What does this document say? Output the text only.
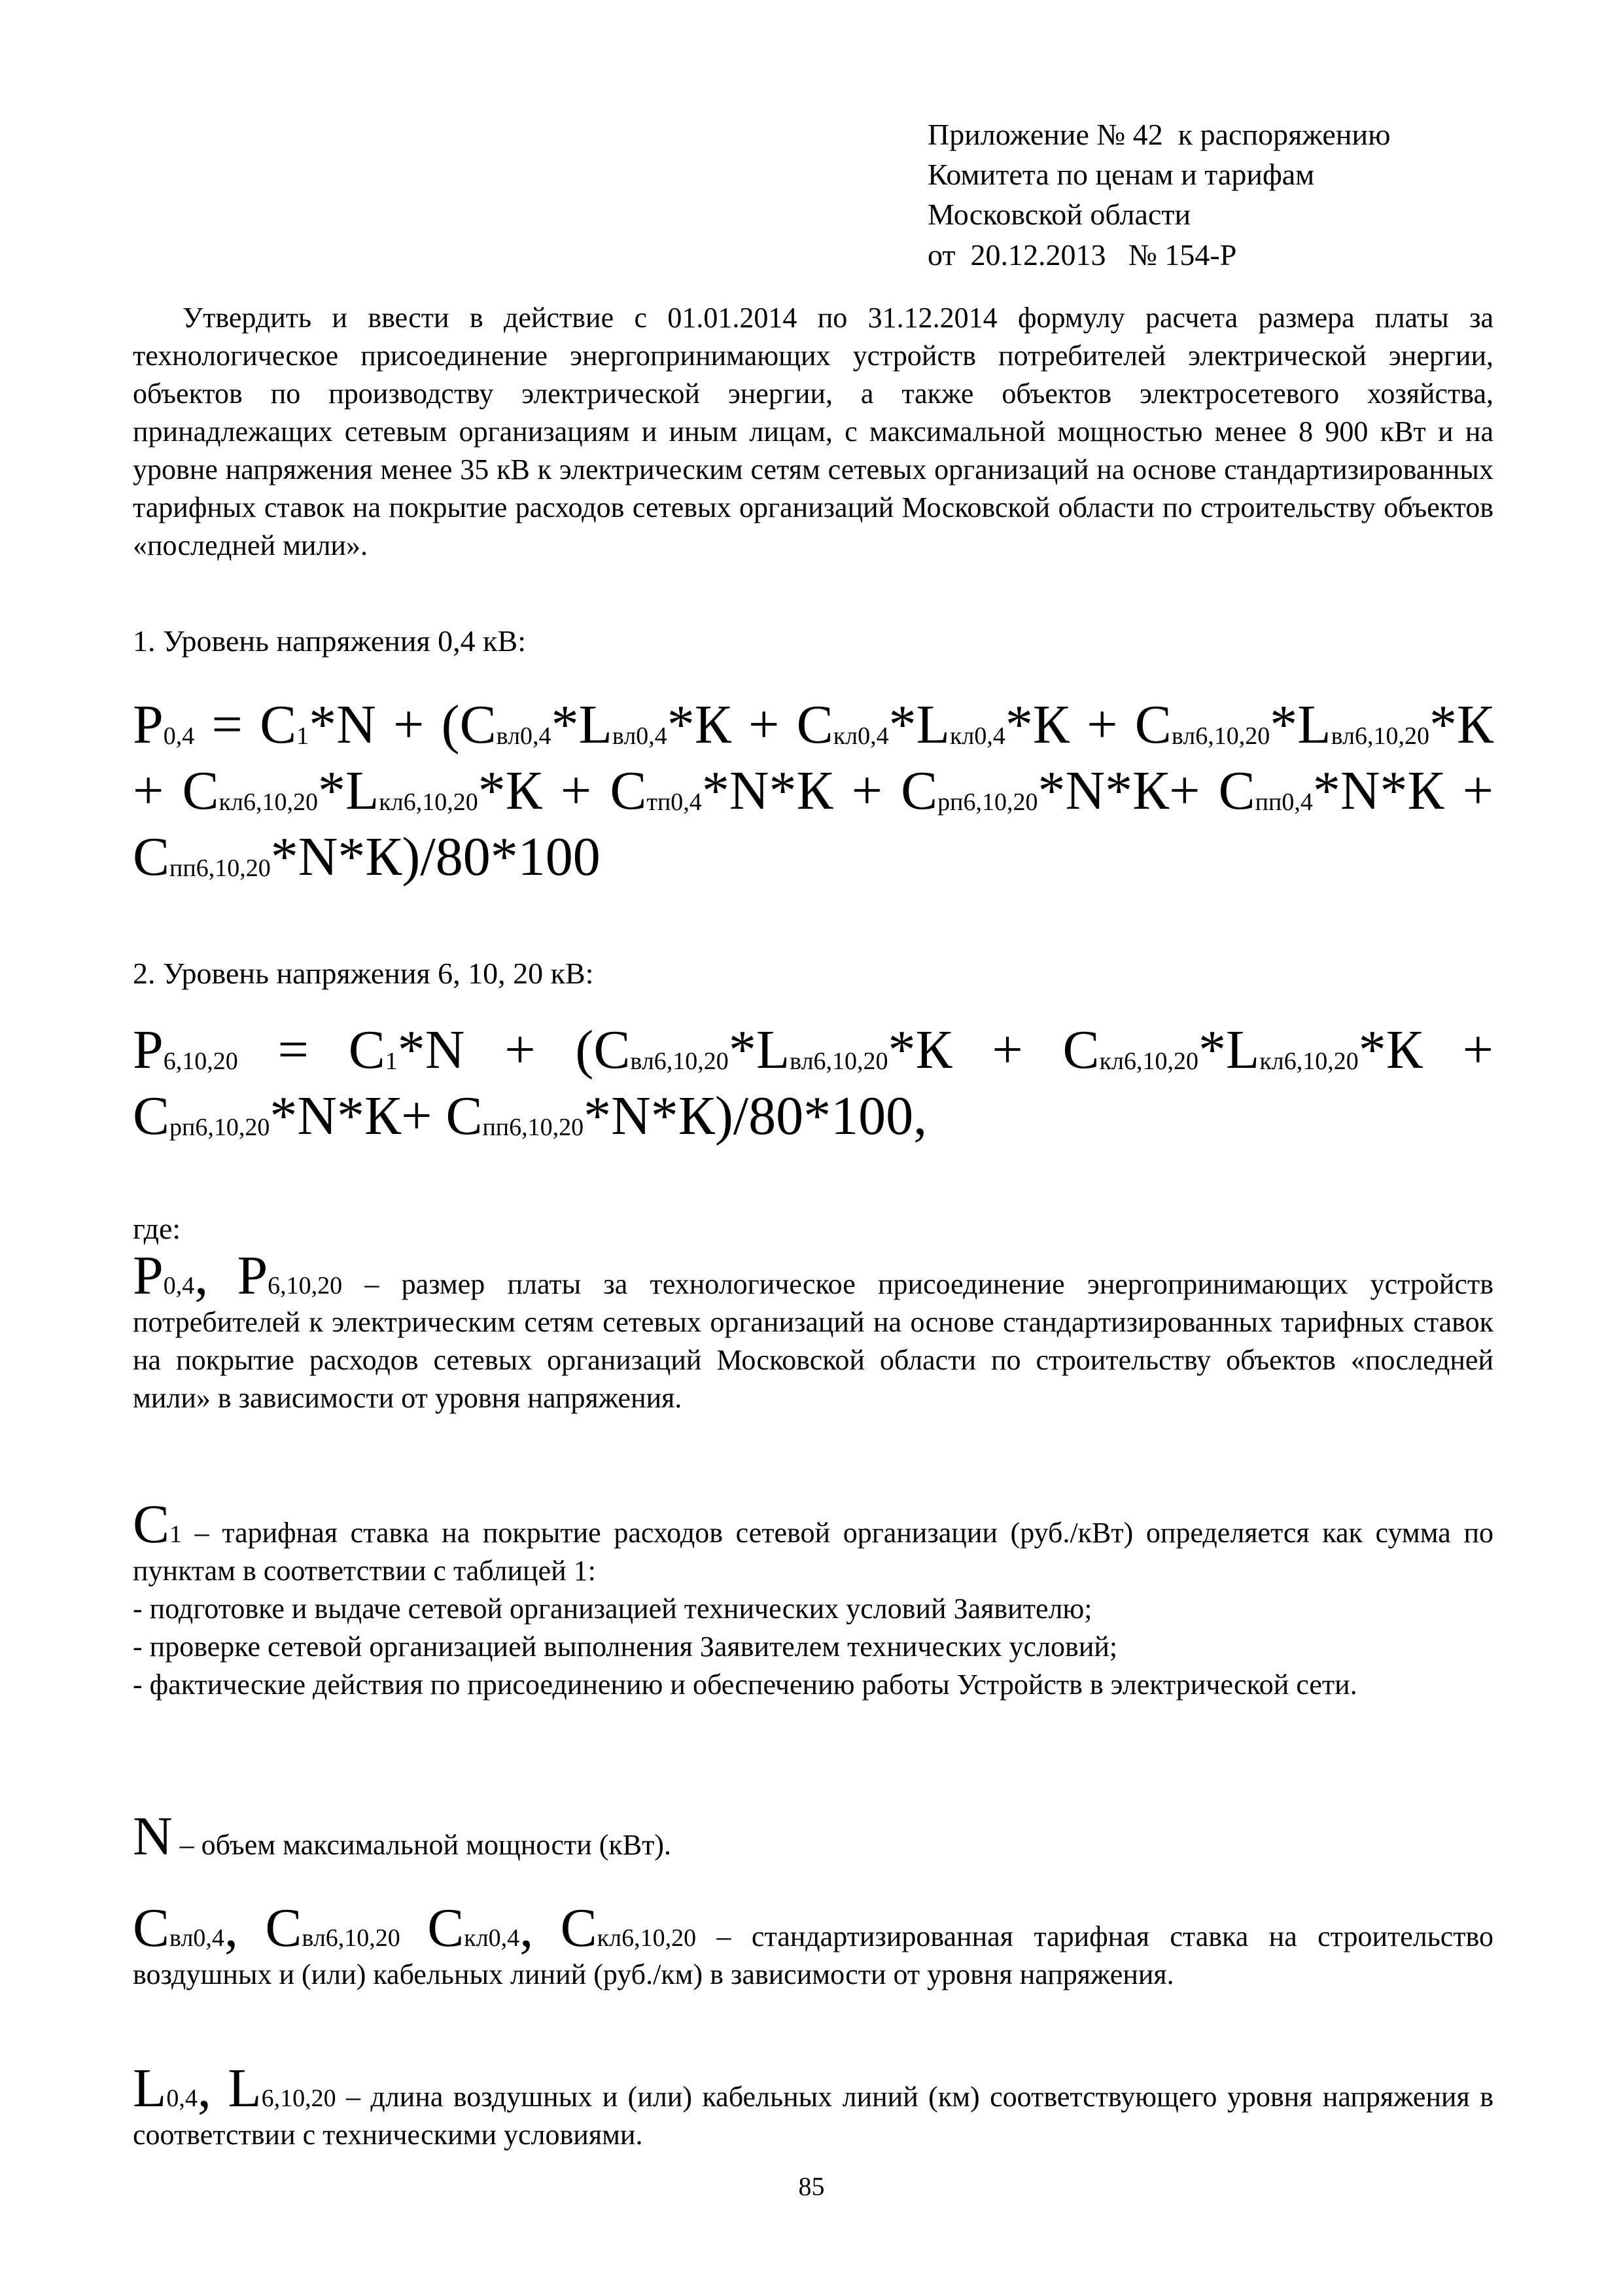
Приложение № 42  к распоряжению
Комитета по ценам и тарифам
Московской области
от  20.12.2013   № 154-Р

Утвердить и ввести в действие с 01.01.2014 по 31.12.2014 формулу расчета размера платы за технологическое присоединение энергопринимающих устройств потребителей электрической энергии, объектов по производству электрической энергии, а также объектов электросетевого хозяйства, принадлежащих сетевым организациям и иным лицам, с максимальной мощностью менее 8 900 кВт и на уровне напряжения менее 35 кВ к электрическим сетям сетевых организаций на основе стандартизированных тарифных ставок на покрытие расходов сетевых организаций Московской области по строительству объектов «последней мили».

1. Уровень напряжения 0,4 кВ:
Р0,4 = С1*N + (Свл0,4*Lвл0,4*К + Скл0,4*Lкл0,4*К + Свл6,10,20*Lвл6,10,20*К + Скл6,10,20*Lкл6,10,20*К + Стп0,4*N*К + Срп6,10,20*N*К+ Спп0,4*N*К + Спп6,10,20*N*К)/80*100
2. Уровень напряжения 6, 10, 20 кВ:
Р6,10,20 = С1*N + (Свл6,10,20*Lвл6,10,20*К + Скл6,10,20*Lкл6,10,20*К + Срп6,10,20*N*К+ Спп6,10,20*N*К)/80*100,
где:

Р0,4, Р6,10,20 – размер платы за технологическое присоединение энергопринимающих устройств потребителей к электрическим сетям сетевых организаций на основе стандартизированных тарифных ставок на покрытие расходов сетевых организаций Московской области по строительству объектов «последней мили» в зависимости от уровня напряжения.

С1 – тарифная ставка на покрытие расходов сетевой организации (руб./кВт) определяется как сумма по пунктам в соответствии с таблицей 1:

- подготовке и выдаче сетевой организацией технических условий Заявителю;

- проверке сетевой организацией выполнения Заявителем технических условий;

- фактические действия по присоединению и обеспечению работы Устройств в электрической сети.

N – объем максимальной мощности (кВт).

Свл0,4, Свл6,10,20 Скл0,4, Скл6,10,20 – стандартизированная тарифная ставка на строительство воздушных и (или) кабельных линий (руб./км) в зависимости от уровня напряжения.

L0,4, L6,10,20 – длина воздушных и (или) кабельных линий (км) соответствующего уровня напряжения в соответствии с техническими условиями.

85
